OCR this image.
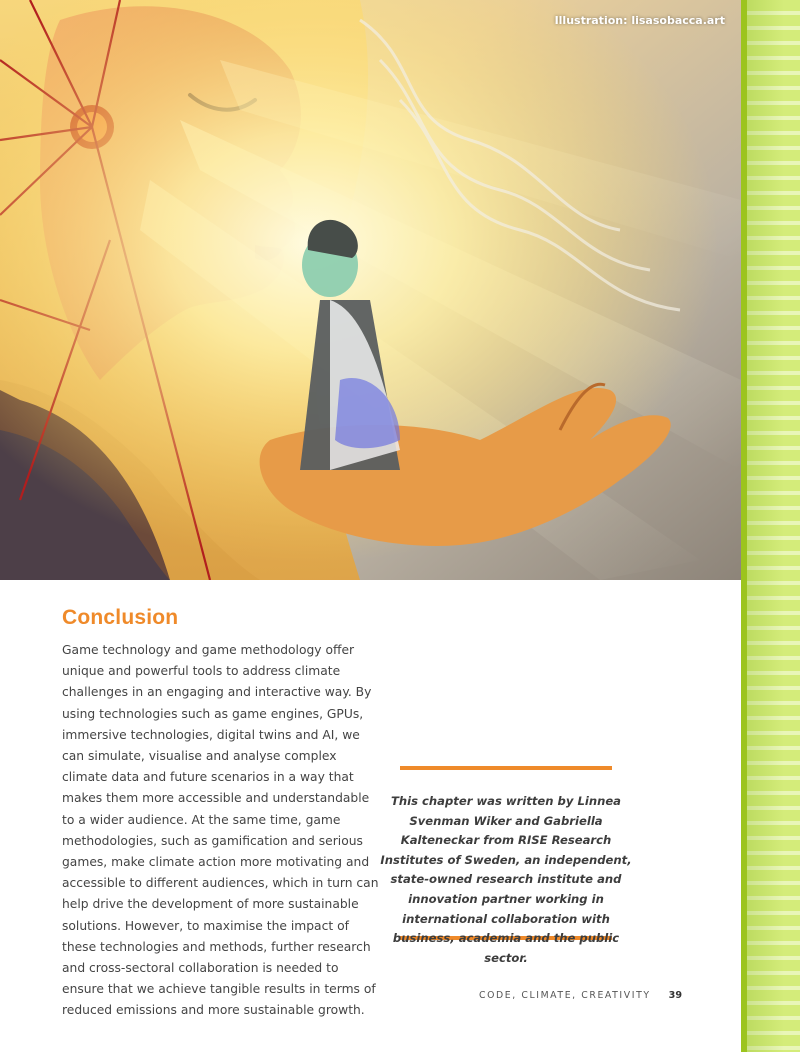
Illustration: lisasobacca.art
Conclusion

Game technology and game methodology offer unique and powerful tools to address climate challenges in an engaging and interactive way. By using technologies such as game engines, GPUs, immersive technologies, digital twins and AI, we can simulate, visualise and analyse complex climate data and future scenarios in a way that makes them more accessible and understandable to a wider audience. At the same time, game methodologies, such as gamification and serious games, make climate action more motivating and accessible to different audiences, which in turn can help drive the development of more sustainable solutions. However, to maximise the impact of these technologies and methods, further research and cross-sectoral collaboration is needed to ensure that we achieve tangible results in terms of reduced emissions and more sustainable growth.

This chapter was written by Linnea Svenman Wiker and Gabriella Kalteneckar from RISE Research Institutes of Sweden, an independent, state-owned research institute and innovation partner working in international collaboration with business, academia and the public sector.

CODE, CLIMATE, CREATIVITY 39
